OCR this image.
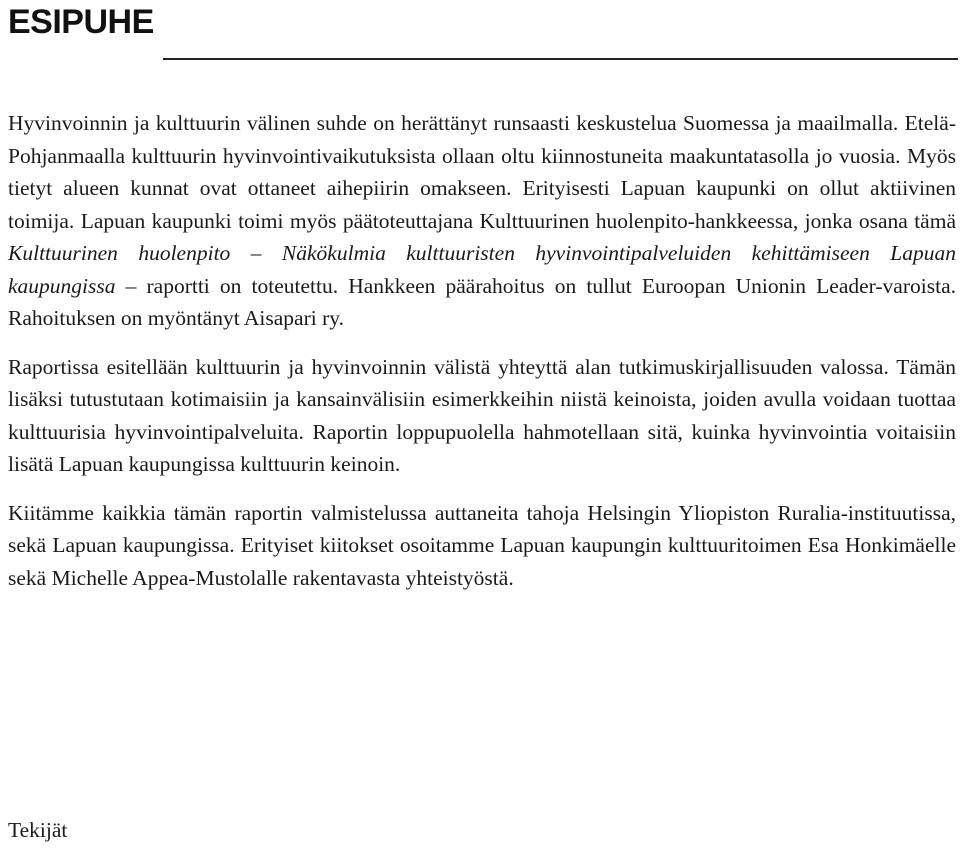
ESIPUHE

Hyvinvoinnin ja kulttuurin välinen suhde on herättänyt runsaasti keskustelua Suomessa ja maailmalla. Etelä-Pohjanmaalla kulttuurin hyvinvointivaikutuksista ollaan oltu kiinnostuneita maakuntatasolla jo vuosia. Myös tietyt alueen kunnat ovat ottaneet aihepiirin omakseen. Erityisesti Lapuan kaupunki on ollut aktiivinen toimija. Lapuan kaupunki toimi myös päätoteuttajana Kulttuurinen huolenpito-hankkeessa, jonka osana tämä Kulttuurinen huolenpito – Näkökulmia kulttuuristen hyvinvointipalveluiden kehittämiseen Lapuan kaupungissa – raportti on toteutettu. Hankkeen päärahoitus on tullut Euroopan Unionin Leader-varoista. Rahoituksen on myöntänyt Aisapari ry.

Raportissa esitellään kulttuurin ja hyvinvoinnin välistä yhteyttä alan tutkimuskirjallisuuden valossa. Tämän lisäksi tutustutaan kotimaisiin ja kansainvälisiin esimerkkeihin niistä keinoista, joiden avulla voidaan tuottaa kulttuurisia hyvinvointipalveluita. Raportin loppupuolella hahmotellaan sitä, kuinka hyvinvointia voitaisiin lisätä Lapuan kaupungissa kulttuurin keinoin.

Kiitämme kaikkia tämän raportin valmistelussa auttaneita tahoja Helsingin Yliopiston Ruralia-instituutissa, sekä Lapuan kaupungissa. Erityiset kiitokset osoitamme Lapuan kaupungin kulttuuritoimen Esa Honkimäelle sekä Michelle Appea-Mustolalle rakentavasta yhteistyöstä.

Tekijät
